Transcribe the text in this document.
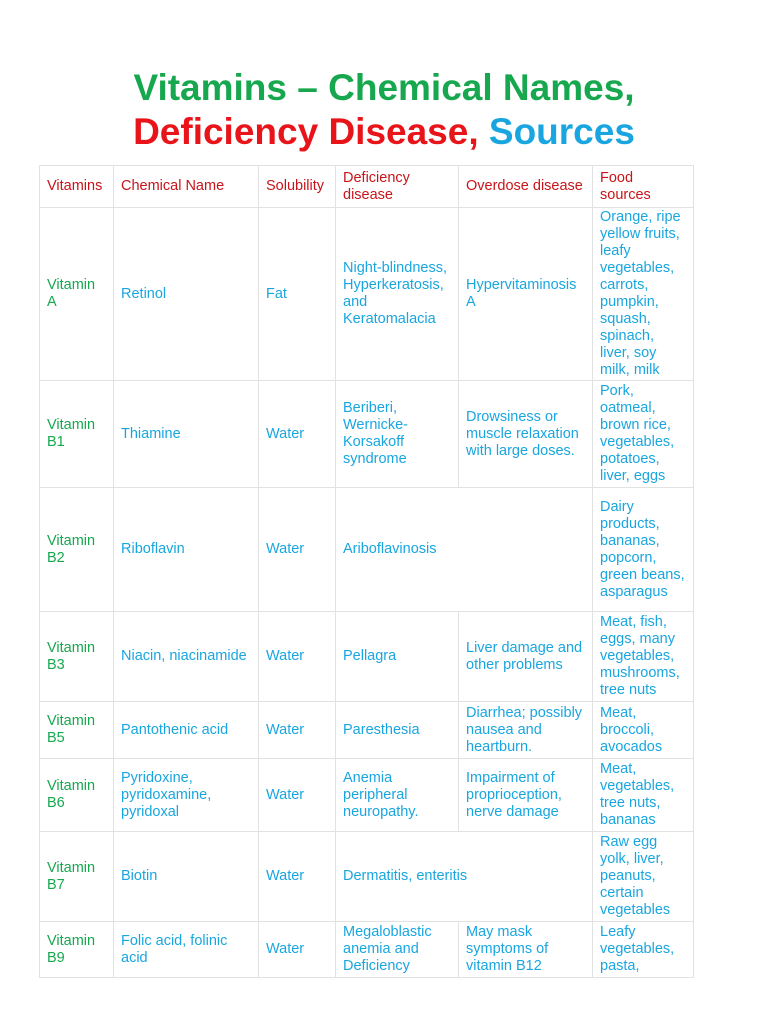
Vitamins – Chemical Names,
Deficiency Disease, Sources
Vitamins	Chemical Name	Solubility	Deficiency disease	Overdose disease	Food sources
Vitamin A	Retinol	Fat	Night-blindness, Hyperkeratosis, and Keratomalacia	Hypervitaminosis A	Orange, ripe yellow fruits, leafy vegetables, carrots, pumpkin, squash, spinach, liver, soy milk, milk
Vitamin B1	Thiamine	Water	Beriberi, Wernicke-Korsakoff syndrome	Drowsiness or muscle relaxation with large doses.	Pork, oatmeal, brown rice, vegetables, potatoes, liver, eggs
Vitamin B2	Riboflavin	Water	Ariboflavinosis		Dairy products, bananas, popcorn, green beans, asparagus
Vitamin B3	Niacin, niacinamide	Water	Pellagra	Liver damage and other problems	Meat, fish, eggs, many vegetables, mushrooms, tree nuts
Vitamin B5	Pantothenic acid	Water	Paresthesia	Diarrhea; possibly nausea and heartburn.	Meat, broccoli, avocados
Vitamin B6	Pyridoxine, pyridoxamine, pyridoxal	Water	Anemia peripheral neuropathy.	Impairment of proprioception, nerve damage	Meat, vegetables, tree nuts, bananas
Vitamin B7	Biotin	Water	Dermatitis, enteritis		Raw egg yolk, liver, peanuts, certain vegetables
Vitamin B9	Folic acid, folinic acid	Water	Megaloblastic anemia and Deficiency	May mask symptoms of vitamin B12	Leafy vegetables, pasta,
